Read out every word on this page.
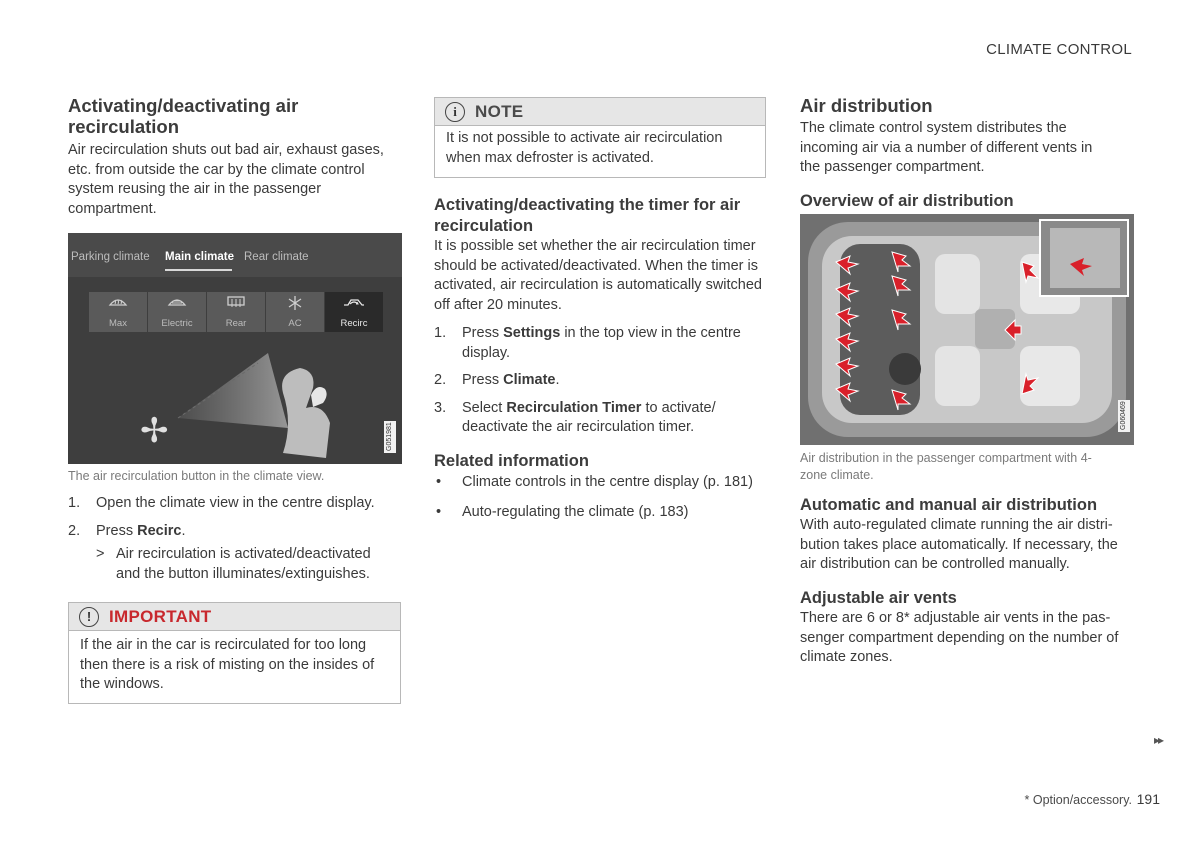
CLIMATE CONTROL
Activating/deactivating air recirculation

Air recirculation shuts out bad air, exhaust gases, etc. from outside the car by the climate control system reusing the air in the passenger compartment.

Parking climate Main climate Rear climate
Max	Electric	Rear	AC	Recirc
✢	G051981
The air recirculation button in the climate view.
1. Open the climate view in the centre display.
2. Press Recirc.
> Air recirculation is activated/deactivated and the button illuminates/extinguishes.
!	IMPORTANT
If the air in the car is recirculated for too long then there is a risk of misting on the insides of the windows.
i	NOTE
It is not possible to activate air recirculation when max defroster is activated.
Activating/deactivating the timer for air recirculation

It is possible set whether the air recirculation timer should be activated/deactivated. When the timer is activated, air recirculation is automatically switched off after 20 minutes.

1. Press Settings in the top view in the centre display.
2. Press Climate.
3. Select Recirculation Timer to activate/ deactivate the air recirculation timer.
Related information
• Climate controls in the centre display (p. 181)
• Auto-regulating the climate (p. 183)
Air distribution

The climate control system distributes the incoming air via a number of different vents in the passenger compartment.

Overview of air distribution
G060469
Air distribution in the passenger compartment with 4-zone climate.
Automatic and manual air distribution

With auto-regulated climate running the air distri-bution takes place automatically. If necessary, the air distribution can be controlled manually.

Adjustable air vents

There are 6 or 8* adjustable air vents in the pas-senger compartment depending on the number of climate zones.

▸▸
* Option/accessory. 191
